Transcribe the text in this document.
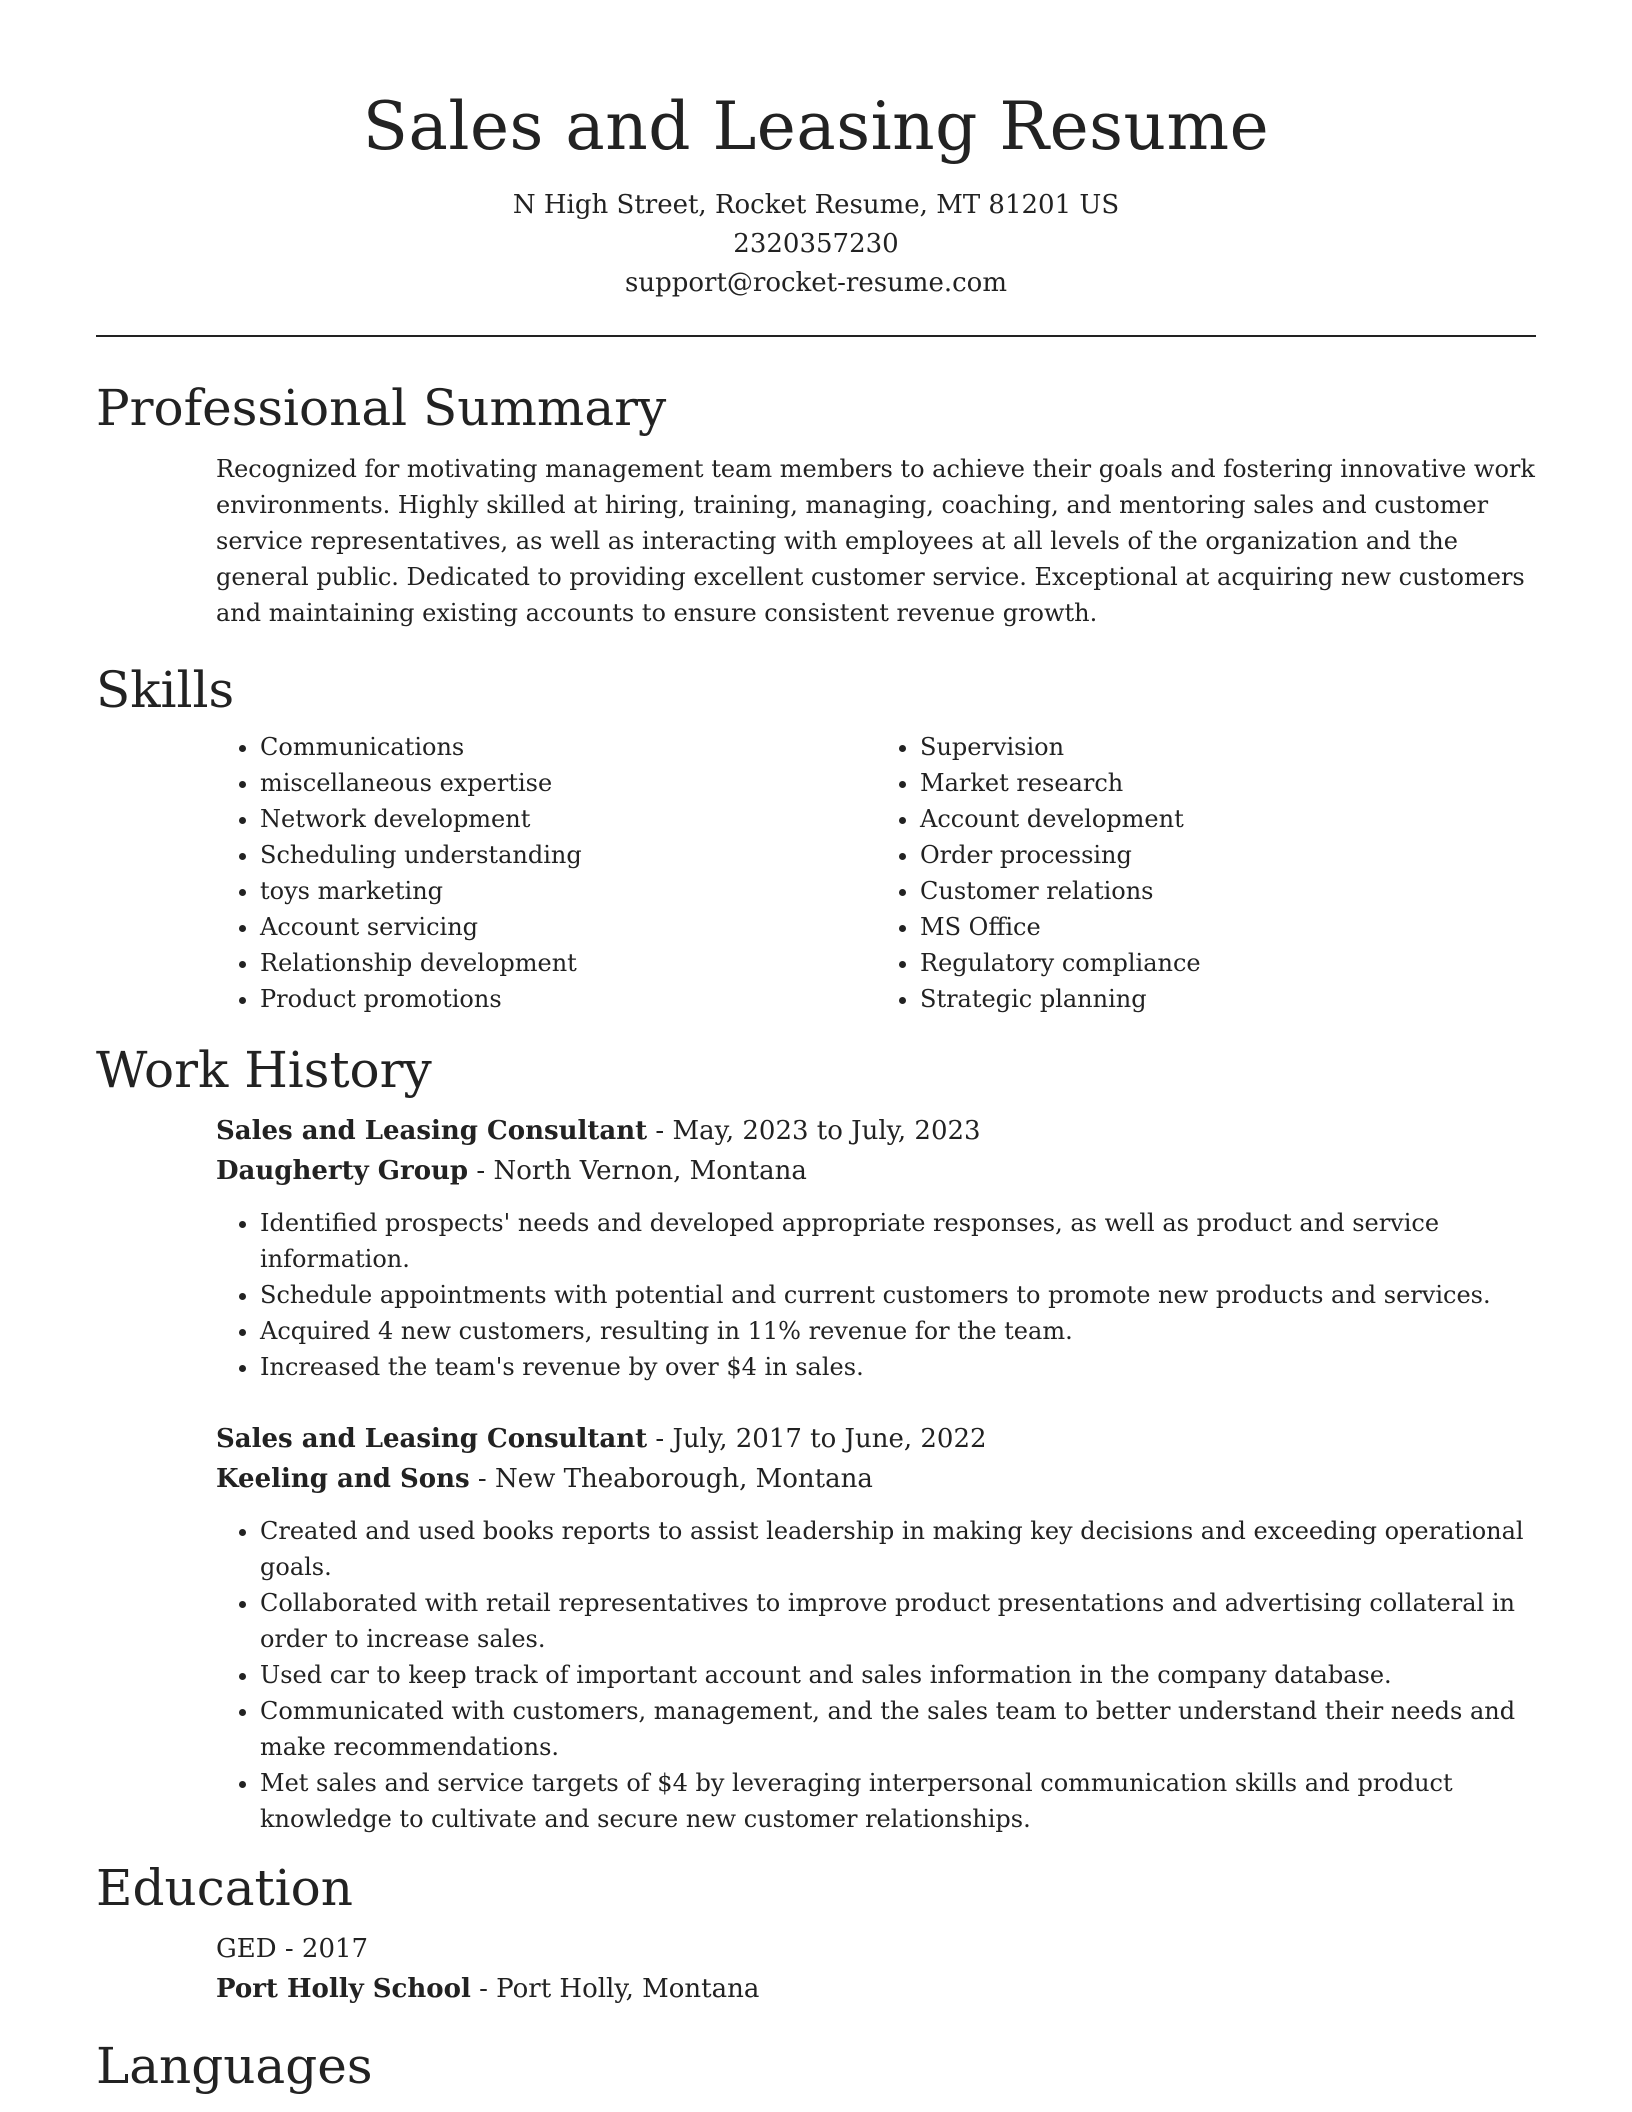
Sales and Leasing Resume
N High Street, Rocket Resume, MT 81201 US
2320357230
support@rocket-resume.com
Professional Summary
Recognized for motivating management team members to achieve their goals and fostering innovative work environments. Highly skilled at hiring, training, managing, coaching, and mentoring sales and customer service representatives, as well as interacting with employees at all levels of the organization and the general public. Dedicated to providing excellent customer service. Exceptional at acquiring new customers and maintaining existing accounts to ensure consistent revenue growth.
Skills
• Communications
• miscellaneous expertise
• Network development
• Scheduling understanding
• toys marketing
• Account servicing
• Relationship development
• Product promotions
• Supervision
• Market research
• Account development
• Order processing
• Customer relations
• MS Office
• Regulatory compliance
• Strategic planning
Work History
Sales and Leasing Consultant - May, 2023 to July, 2023
Daugherty Group - North Vernon, Montana
• Identified prospects' needs and developed appropriate responses, as well as product and service information.
• Schedule appointments with potential and current customers to promote new products and services.
• Acquired 4 new customers, resulting in 11% revenue for the team.
• Increased the team's revenue by over $4 in sales.
Sales and Leasing Consultant - July, 2017 to June, 2022
Keeling and Sons - New Theaborough, Montana
• Created and used books reports to assist leadership in making key decisions and exceeding operational goals.
• Collaborated with retail representatives to improve product presentations and advertising collateral in order to increase sales.
• Used car to keep track of important account and sales information in the company database.
• Communicated with customers, management, and the sales team to better understand their needs and make recommendations.
• Met sales and service targets of $4 by leveraging interpersonal communication skills and product knowledge to cultivate and secure new customer relationships.
Education
GED - 2017
Port Holly School - Port Holly, Montana
Languages
